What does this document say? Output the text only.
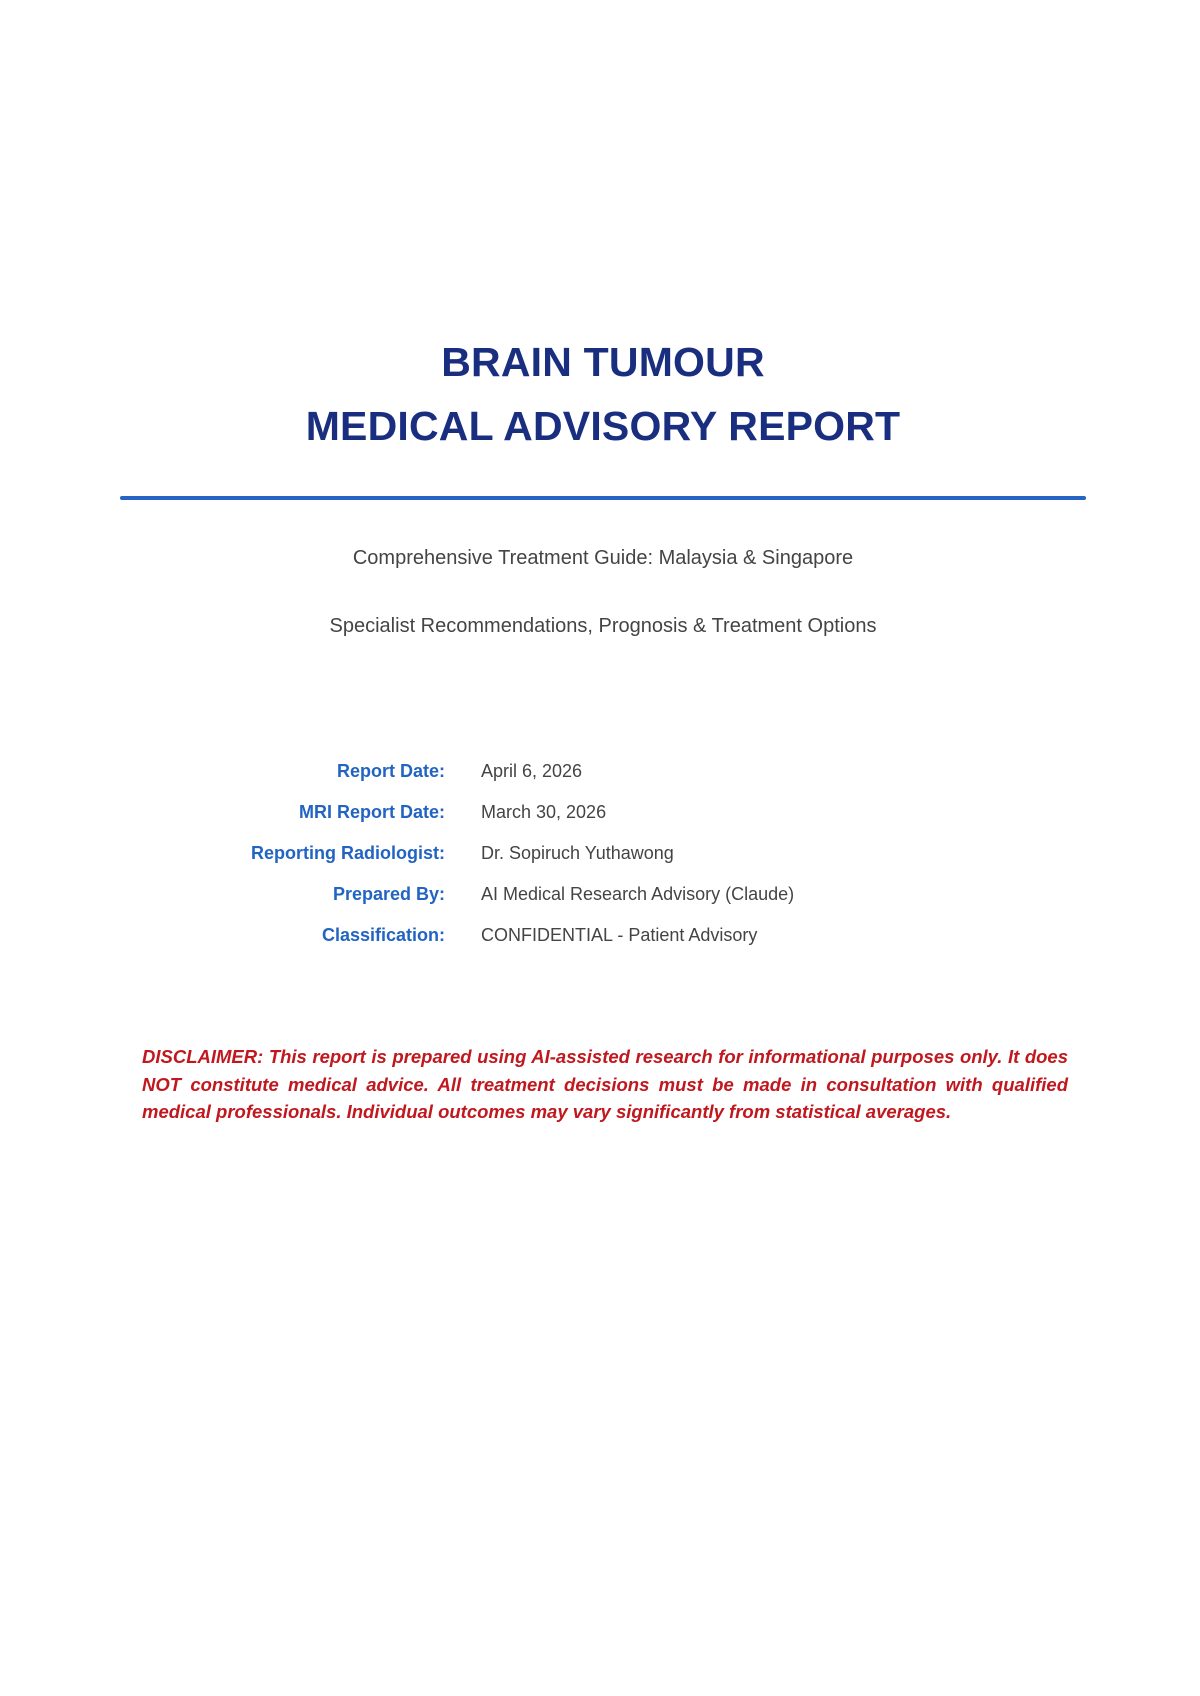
BRAIN TUMOUR
MEDICAL ADVISORY REPORT
Comprehensive Treatment Guide: Malaysia & Singapore
Specialist Recommendations, Prognosis & Treatment Options
Report Date:	April 6, 2026
MRI Report Date:	March 30, 2026
Reporting Radiologist:	Dr. Sopiruch Yuthawong
Prepared By:	AI Medical Research Advisory (Claude)
Classification:	CONFIDENTIAL - Patient Advisory
DISCLAIMER: This report is prepared using AI-assisted research for informational purposes only. It does NOT constitute medical advice. All treatment decisions must be made in consultation with qualified medical professionals. Individual outcomes may vary significantly from statistical averages.
